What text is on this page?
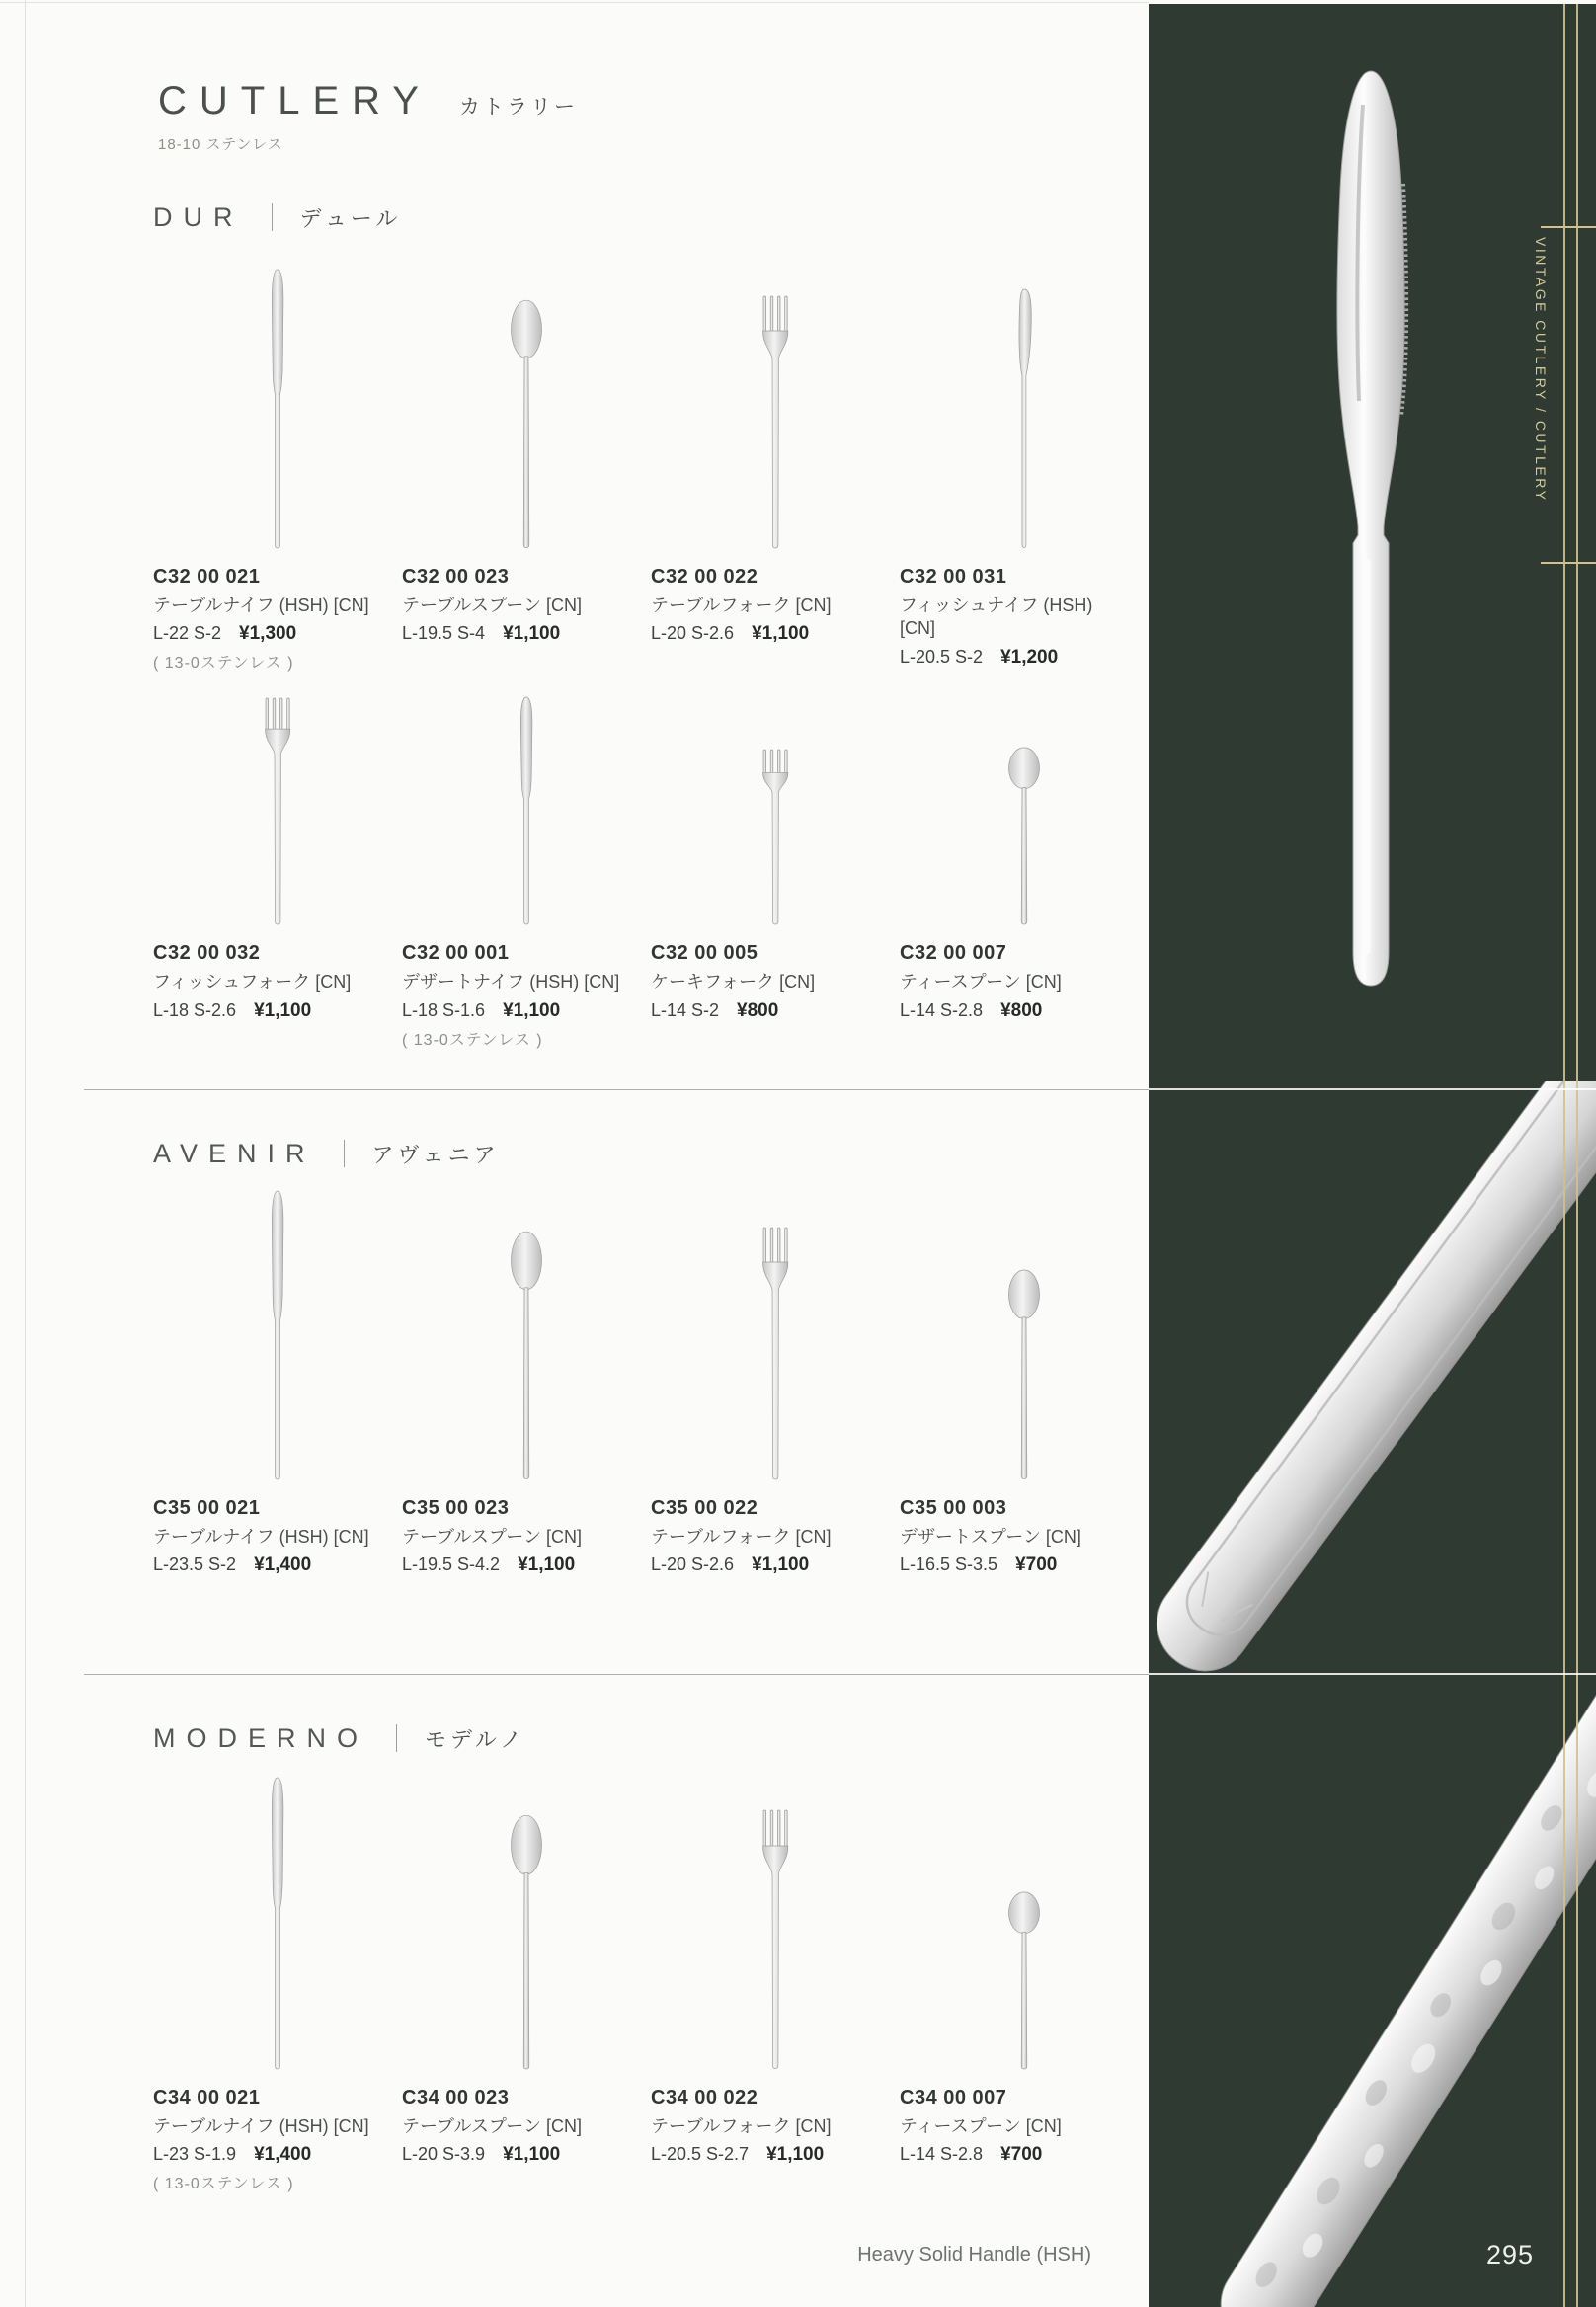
CUTLERY カトラリー
18-10 ステンレス
DUR	デュール
C32 00 021
テーブルナイフ (HSH) [CN]
L-22 S-2 ¥1,300
( 13-0ステンレス )
C32 00 023
テーブルスプーン [CN]
L-19.5 S-4 ¥1,100
C32 00 022
テーブルフォーク [CN]
L-20 S-2.6 ¥1,100
C32 00 031
フィッシュナイフ (HSH) [CN]
L-20.5 S-2 ¥1,200
C32 00 032
フィッシュフォーク [CN]
L-18 S-2.6 ¥1,100
C32 00 001
デザートナイフ (HSH) [CN]
L-18 S-1.6 ¥1,100
( 13-0ステンレス )
C32 00 005
ケーキフォーク [CN]
L-14 S-2 ¥800
C32 00 007
ティースプーン [CN]
L-14 S-2.8 ¥800
AVENIR	アヴェニア
C35 00 021
テーブルナイフ (HSH) [CN]
L-23.5 S-2 ¥1,400
C35 00 023
テーブルスプーン [CN]
L-19.5 S-4.2 ¥1,100
C35 00 022
テーブルフォーク [CN]
L-20 S-2.6 ¥1,100
C35 00 003
デザートスプーン [CN]
L-16.5 S-3.5 ¥700
MODERNO	モデルノ
C34 00 021
テーブルナイフ (HSH) [CN]
L-23 S-1.9 ¥1,400
( 13-0ステンレス )
C34 00 023
テーブルスプーン [CN]
L-20 S-3.9 ¥1,100
C34 00 022
テーブルフォーク [CN]
L-20.5 S-2.7 ¥1,100
C34 00 007
ティースプーン [CN]
L-14 S-2.8 ¥700
VINTAGE CUTLERY / CUTLERY
295
Heavy Solid Handle (HSH)
